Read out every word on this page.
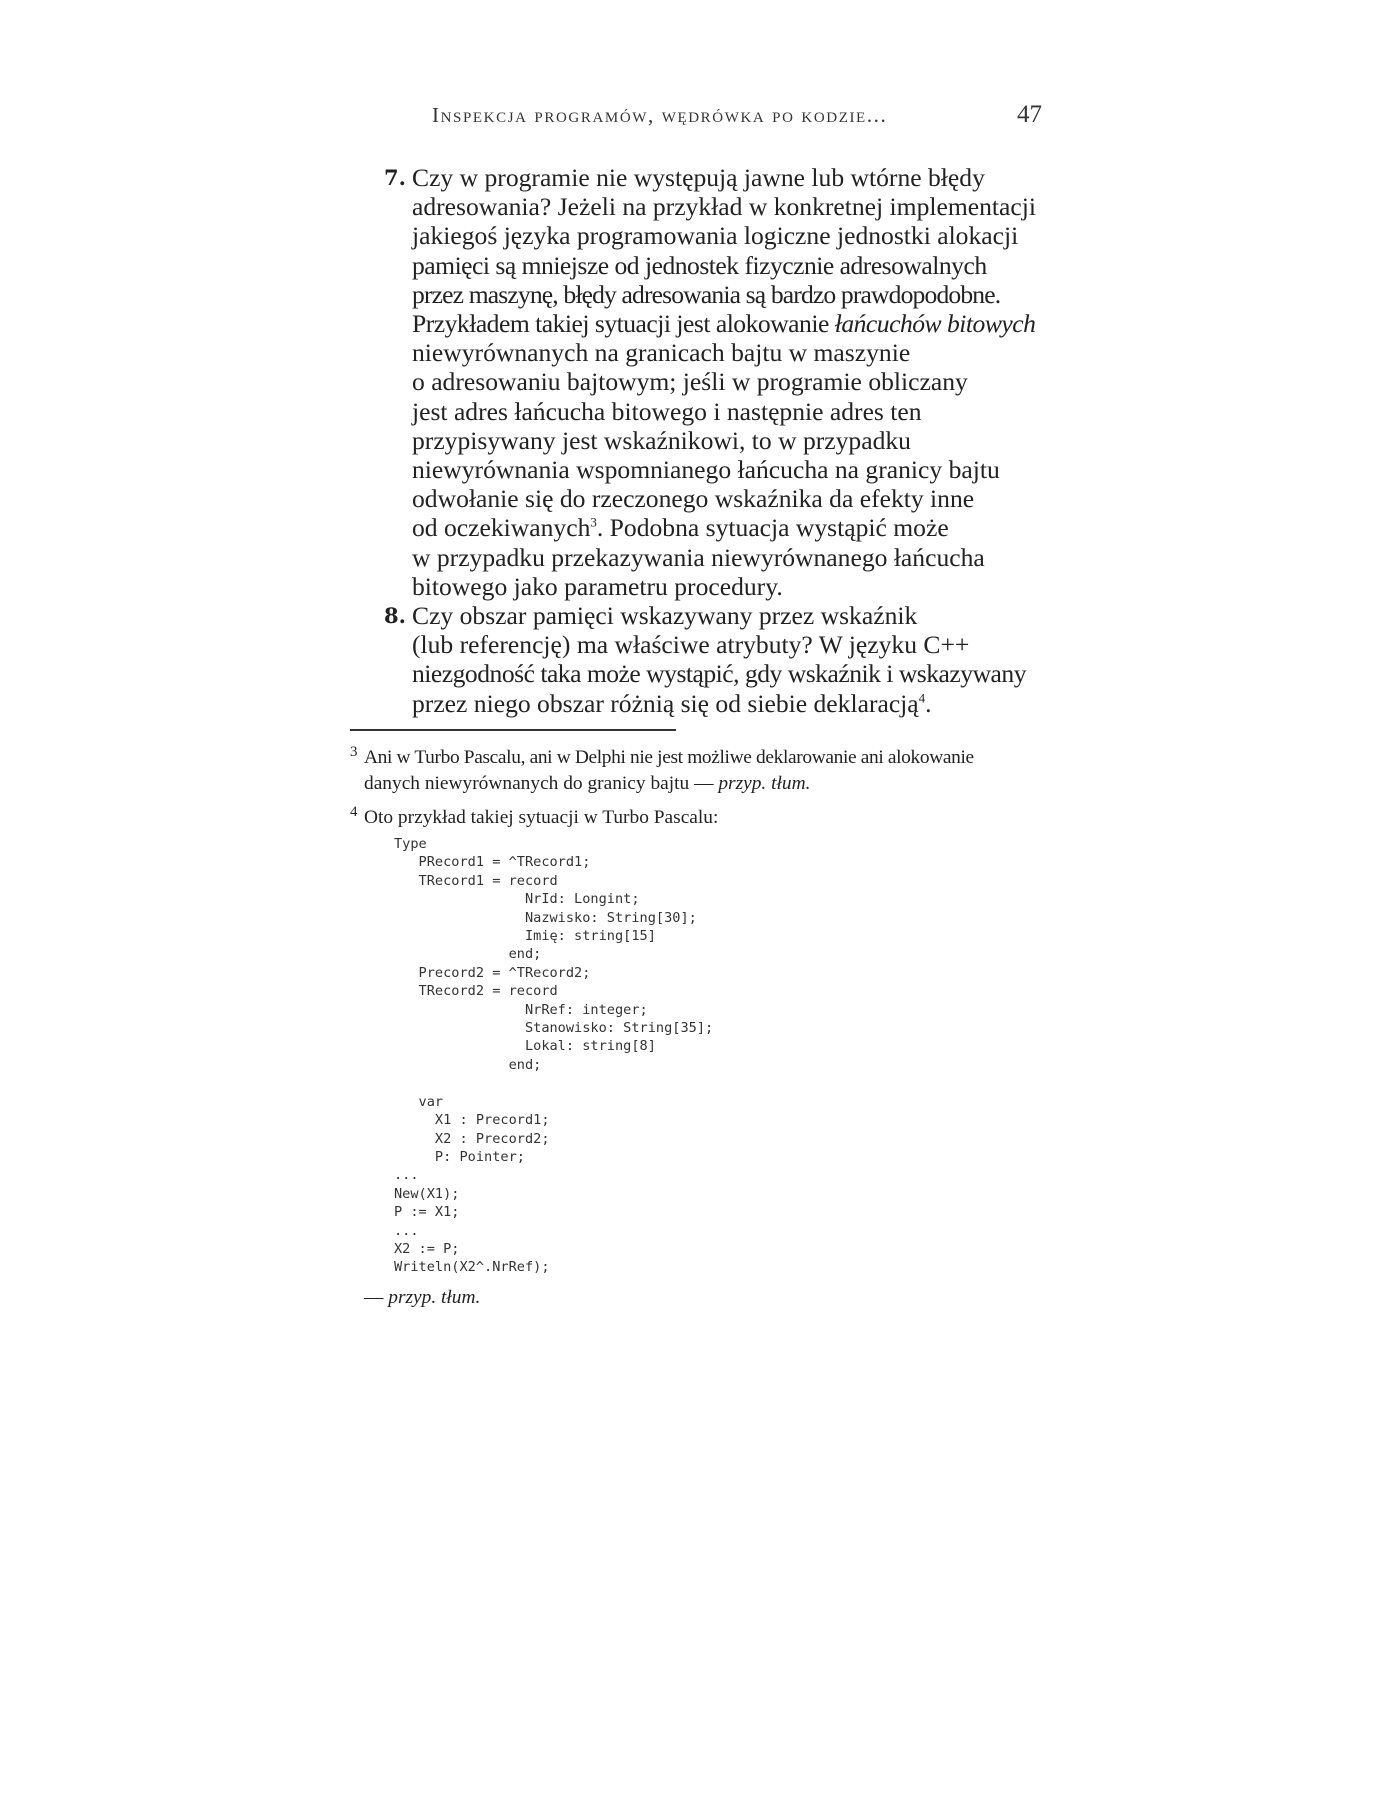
Inspekcja programów, wędrówka po kodzie...	47
7. Czy w programie nie występują jawne lub wtórne błędy
adresowania? Jeżeli na przykład w konkretnej implementacji
jakiegoś języka programowania logiczne jednostki alokacji
pamięci są mniejsze od jednostek fizycznie adresowalnych
przez maszynę, błędy adresowania są bardzo prawdopodobne.
Przykładem takiej sytuacji jest alokowanie łańcuchów bitowych
niewyrównanych na granicach bajtu w maszynie
o adresowaniu bajtowym; jeśli w programie obliczany
jest adres łańcucha bitowego i następnie adres ten
przypisywany jest wskaźnikowi, to w przypadku
niewyrównania wspomnianego łańcucha na granicy bajtu
odwołanie się do rzeczonego wskaźnika da efekty inne
od oczekiwanych$^3$. Podobna sytuacja wystąpić może
w przypadku przekazywania niewyrównanego łańcucha
bitowego jako parametru procedury.
8. Czy obszar pamięci wskazywany przez wskaźnik
(lub referencję) ma właściwe atrybuty? W języku C++
niezgodność taka może wystąpić, gdy wskaźnik i wskazywany
przez niego obszar różnią się od siebie deklaracją$^4$.
3 Ani w Turbo Pascalu, ani w Delphi nie jest możliwe deklarowanie ani alokowanie
danych niewyrównanych do granicy bajtu — przyp. tłum.
4 Oto przykład takiej sytuacji w Turbo Pascalu:
Type
PRecord1 = ^TRecord1;
TRecord1 = record
NrId: Longint;
Nazwisko: String[30];
Imię: string[15]
end;
Precord2 = ^TRecord2;
TRecord2 = record
NrRef: integer;
Stanowisko: String[35];
Lokal: string[8]
end;

var
X1 : Precord1;
X2 : Precord2;
P: Pointer;
...
New(X1);
P := X1;
...
X2 := P;
Writeln(X2^.NrRef);
— przyp. tłum.
